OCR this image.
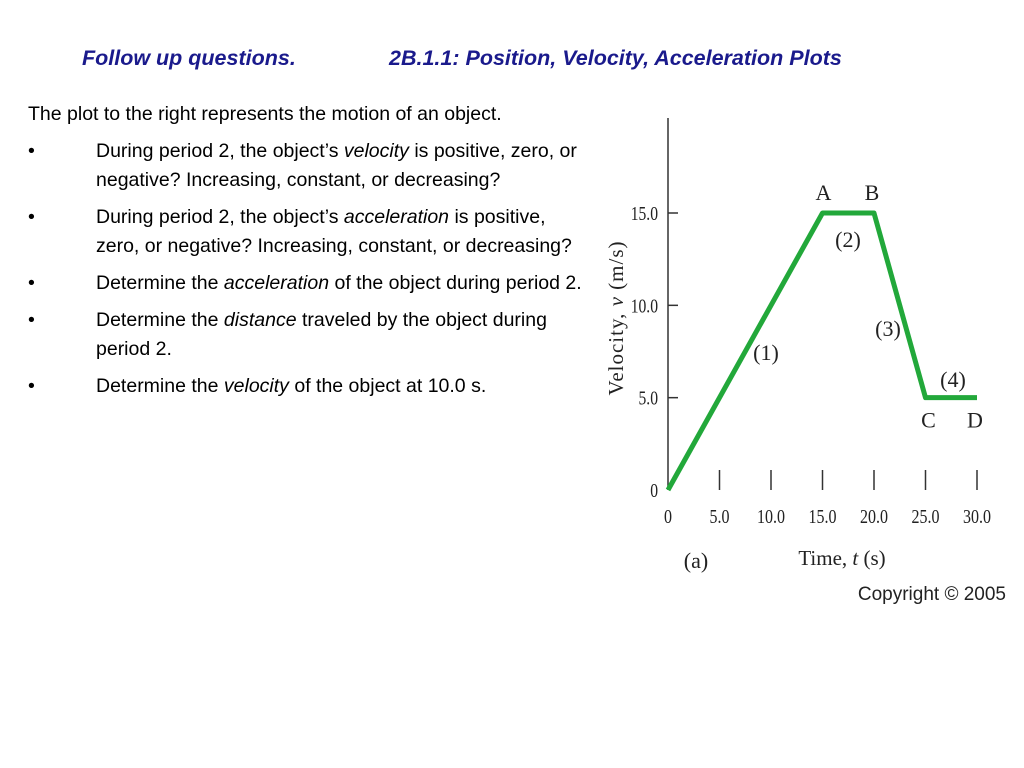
Follow up questions.	2B.1.1: Position, Velocity, Acceleration Plots

The plot to the right represents the motion of an object.

•	During period 2, the object’s velocity is positive, zero, or negative? Increasing, constant, or decreasing?

•	During period 2, the object’s acceleration is positive, zero, or negative? Increasing, constant, or decreasing?

•	Determine the acceleration of the object during period 2.

•	Determine the distance traveled by the object during period 2.

•	Determine the velocity of the object at 10.0 s.

0
5.0
10.0
15.0
0 5.0 10.0 15.0 20.0 25.0 30.0
A B
C D
(1)
(2)
(3)
(4)
Velocity, v (m/s)
Time, t (s)
(a)
Copyright © 2005
